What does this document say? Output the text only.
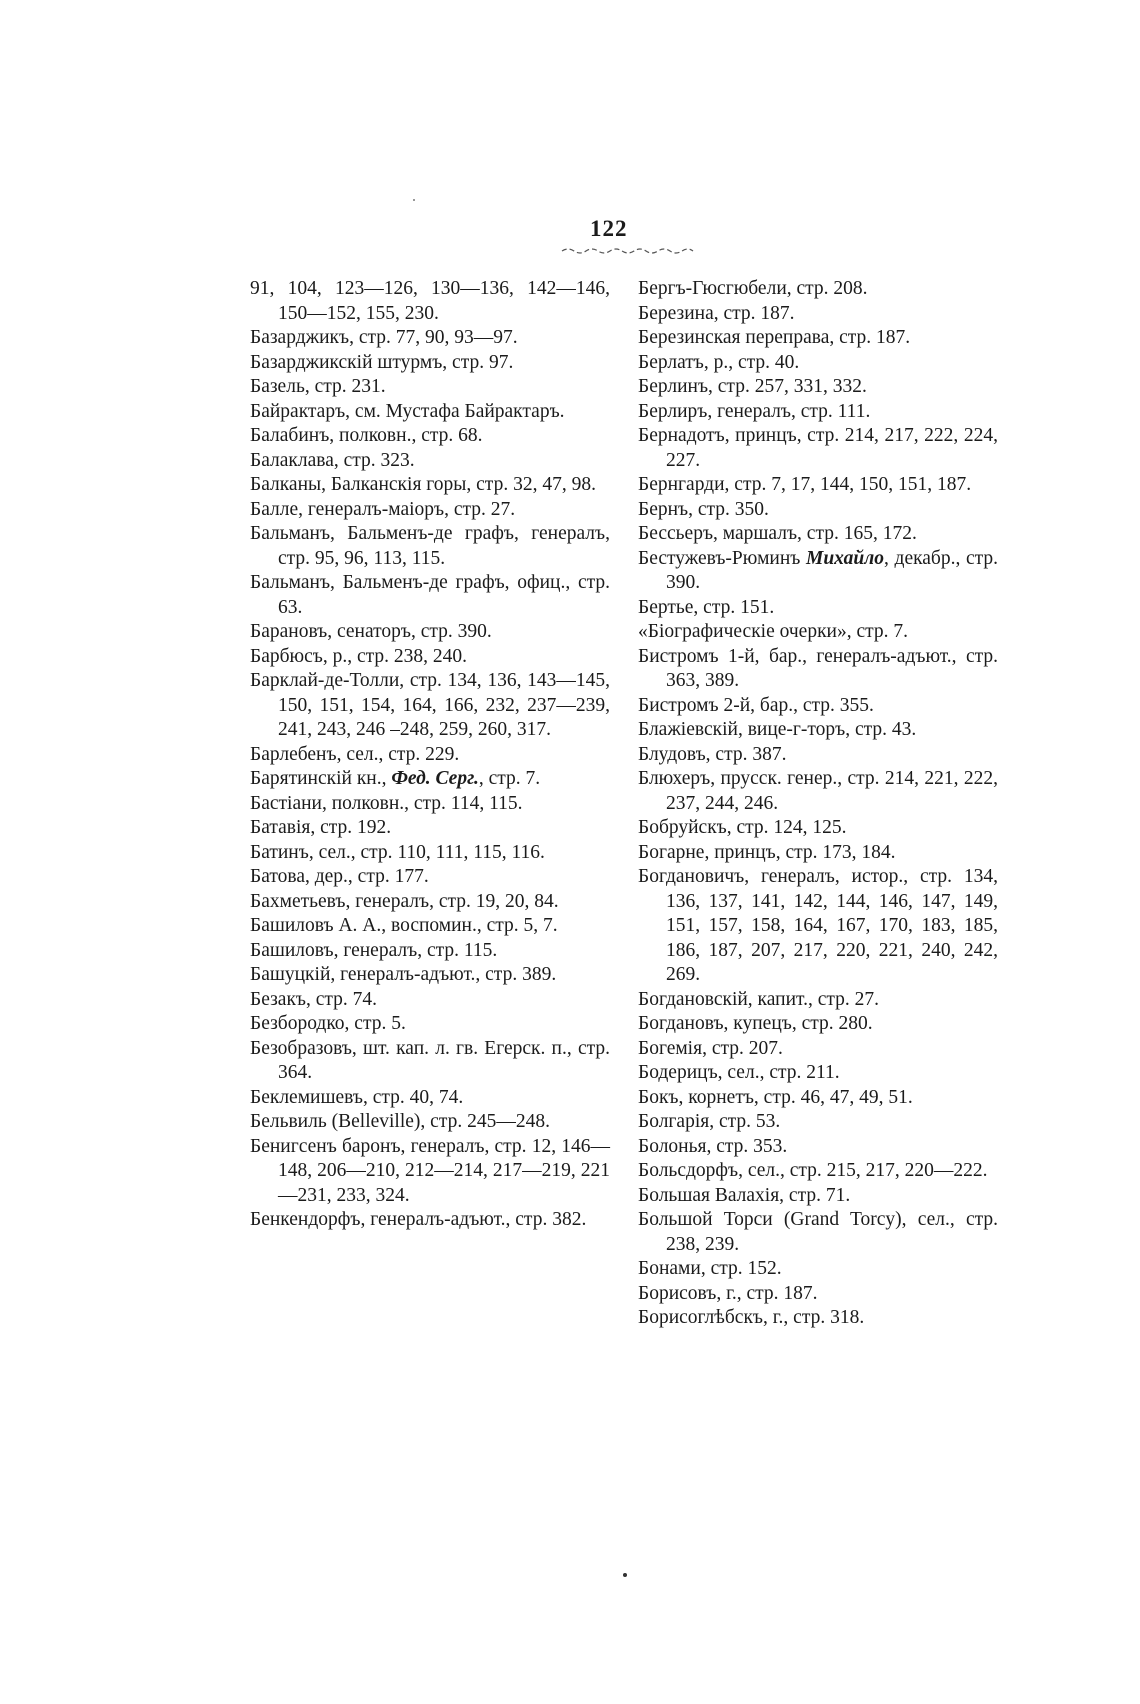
122
91, 104, 123—126, 130—136, 142—146, 150—152, 155, 230.
Базарджикъ, стр. 77, 90, 93—97.
Базарджикскій штурмъ, стр. 97.
Базель, стр. 231.
Байрактаръ, см. Мустафа Байрактаръ.
Балабинъ, полковн., стр. 68.
Балаклава, стр. 323.
Балканы, Балканскія горы, стр. 32, 47, 98.
Балле, генералъ-маіоръ, стр. 27.
Бальманъ, Бальменъ-де графъ, генералъ, стр. 95, 96, 113, 115.
Бальманъ, Бальменъ-де графъ, офиц., стр. 63.
Барановъ, сенаторъ, стр. 390.
Барбюсъ, р., стр. 238, 240.
Барклай-де-Толли, стр. 134, 136, 143—145, 150, 151, 154, 164, 166, 232, 237—239, 241, 243, 246 –248, 259, 260, 317.
Барлебенъ, сел., стр. 229.
Барятинскій кн., Фед. Серг., стр. 7.
Бастіани, полковн., стр. 114, 115.
Батавія, стр. 192.
Батинъ, сел., стр. 110, 111, 115, 116.
Батова, дер., стр. 177.
Бахметьевъ, генералъ, стр. 19, 20, 84.
Башиловъ А. А., воспомин., стр. 5, 7.
Башиловъ, генералъ, стр. 115.
Башуцкій, генералъ-адъют., стр. 389.
Безакъ, стр. 74.
Безбородко, стр. 5.
Безобразовъ, шт. кап. л. гв. Егерск. п., стр. 364.
Беклемишевъ, стр. 40, 74.
Бельвиль (Belleville), стр. 245—248.
Бенигсенъ баронъ, генералъ, стр. 12, 146—148, 206—210, 212—214, 217—219, 221—231, 233, 324.
Бенкендорфъ, генералъ-адъют., стр. 382.
Бергъ-Гюсгюбели, стр. 208.
Березина, стр. 187.
Березинская переправа, стр. 187.
Берлатъ, р., стр. 40.
Берлинъ, стр. 257, 331, 332.
Берлиръ, генералъ, стр. 111.
Бернадотъ, принцъ, стр. 214, 217, 222, 224, 227.
Бернгарди, стр. 7, 17, 144, 150, 151, 187.
Бернъ, стр. 350.
Бессьеръ, маршалъ, стр. 165, 172.
Бестужевъ-Рюминъ Михайло, декабр., стр. 390.
Бертье, стр. 151.
«Біографическіе очерки», стр. 7.
Бистромъ 1-й, бар., генералъ-адъют., стр. 363, 389.
Бистромъ 2-й, бар., стр. 355.
Блажіевскій, вице-г-торъ, стр. 43.
Блудовъ, стр. 387.
Блюхеръ, прусск. генер., стр. 214, 221, 222, 237, 244, 246.
Бобруйскъ, стр. 124, 125.
Богарне, принцъ, стр. 173, 184.
Богдановичъ, генералъ, истор., стр. 134, 136, 137, 141, 142, 144, 146, 147, 149, 151, 157, 158, 164, 167, 170, 183, 185, 186, 187, 207, 217, 220, 221, 240, 242, 269.
Богдановскій, капит., стр. 27.
Богдановъ, купецъ, стр. 280.
Богемія, стр. 207.
Бодерицъ, сел., стр. 211.
Бокъ, корнетъ, стр. 46, 47, 49, 51.
Болгарія, стр. 53.
Болонья, стр. 353.
Больсдорфъ, сел., стр. 215, 217, 220—222.
Большая Валахія, стр. 71.
Большой Торси (Grand Torcy), сел., стр. 238, 239.
Бонами, стр. 152.
Борисовъ, г., стр. 187.
Борисоглѣбскъ, г., стр. 318.
